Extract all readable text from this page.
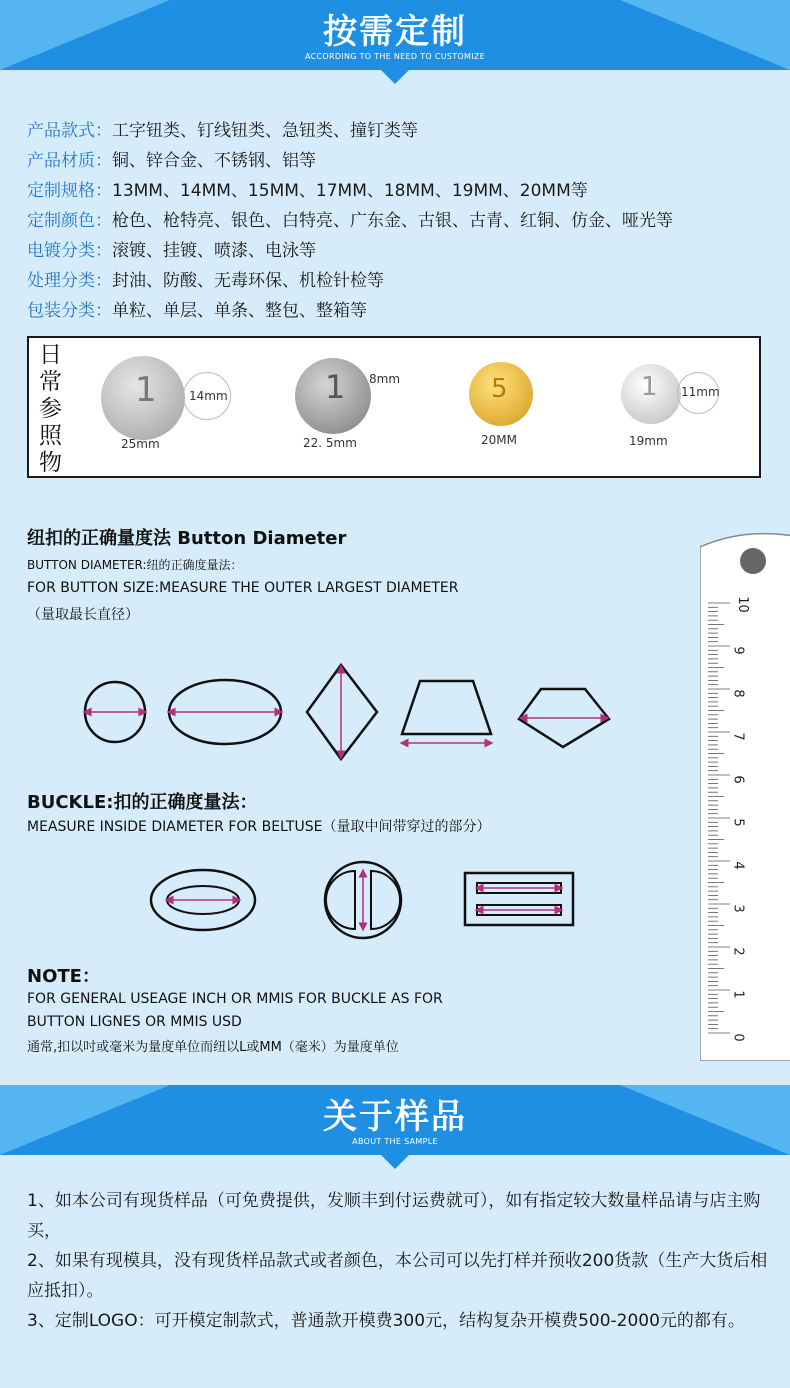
按需定制
ACCORDING TO THE NEED TO CUSTOMIZE
产品款式：工字钮类、钉线钮类、急钮类、撞钉类等
产品材质：铜、锌合金、不锈钢、铝等
定制规格：13MM、14MM、15MM、17MM、18MM、19MM、20MM等
定制颜色：枪色、枪特亮、银色、白特亮、广东金、古银、古青、红铜、仿金、哑光等
电镀分类：滚镀、挂镀、喷漆、电泳等
处理分类：封油、防酸、无毒环保、机检针检等
包装分类：单粒、单层、单条、整包、整箱等
日常参照物
1	14mm
25mm
1 8mm
22. 5mm
5
20MM
1 11mm
19mm
纽扣的正确量度法 Button Diameter
BUTTON DIAMETER:纽的正确度量法：
FOR BUTTON SIZE:MEASURE THE OUTER LARGEST DIAMETER
（量取最长直径）
BUCKLE:扣的正确度量法：
MEASURE INSIDE DIAMETER FOR BELTUSE（量取中间带穿过的部分）
NOTE：
FOR GENERAL USEAGE INCH OR MMIS FOR BUCKLE AS FOR
BUTTON LIGNES OR MMIS USD
通常,扣以吋或毫米为量度单位而纽以L或MM（毫米）为量度单位
10
9
8
7
6
5
4
3
2
1
0
关于样品
ABOUT THE SAMPLE

1、如本公司有现货样品（可免费提供，发顺丰到付运费就可），如有指定较大数量样品请与店主购买，

2、如果有现模具，没有现货样品款式或者颜色，本公司可以先打样并预收200货款（生产大货后相应抵扣）。

3、定制LOGO：可开模定制款式，普通款开模费300元，结构复杂开模费500-2000元的都有。
